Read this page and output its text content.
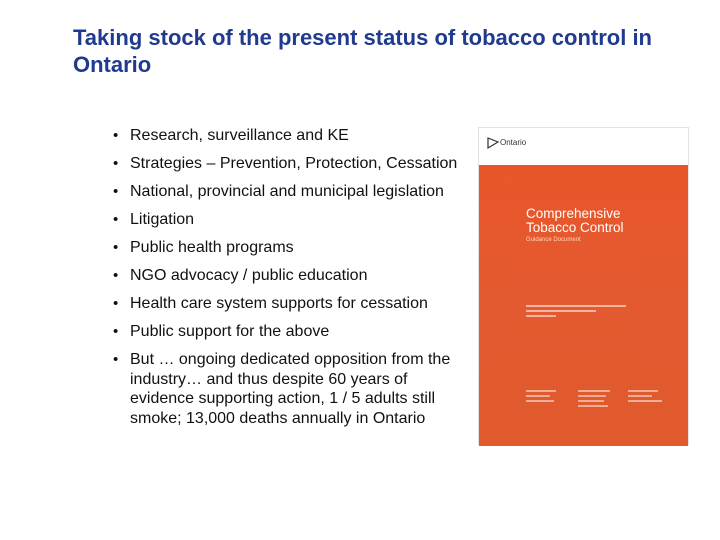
Taking stock of the present status of tobacco control in Ontario
• Research, surveillance and KE
• Strategies – Prevention, Protection, Cessation
• National, provincial and municipal legislation
• Litigation
• Public health programs
• NGO advocacy / public education
• Health care system supports for cessation
• Public support for the above
• But … ongoing dedicated opposition from the industry… and thus despite 60 years of evidence supporting action, 1 / 5 adults still smoke; 13,000 deaths annually in Ontario
Ontario
Comprehensive Tobacco Control
Guidance Document
